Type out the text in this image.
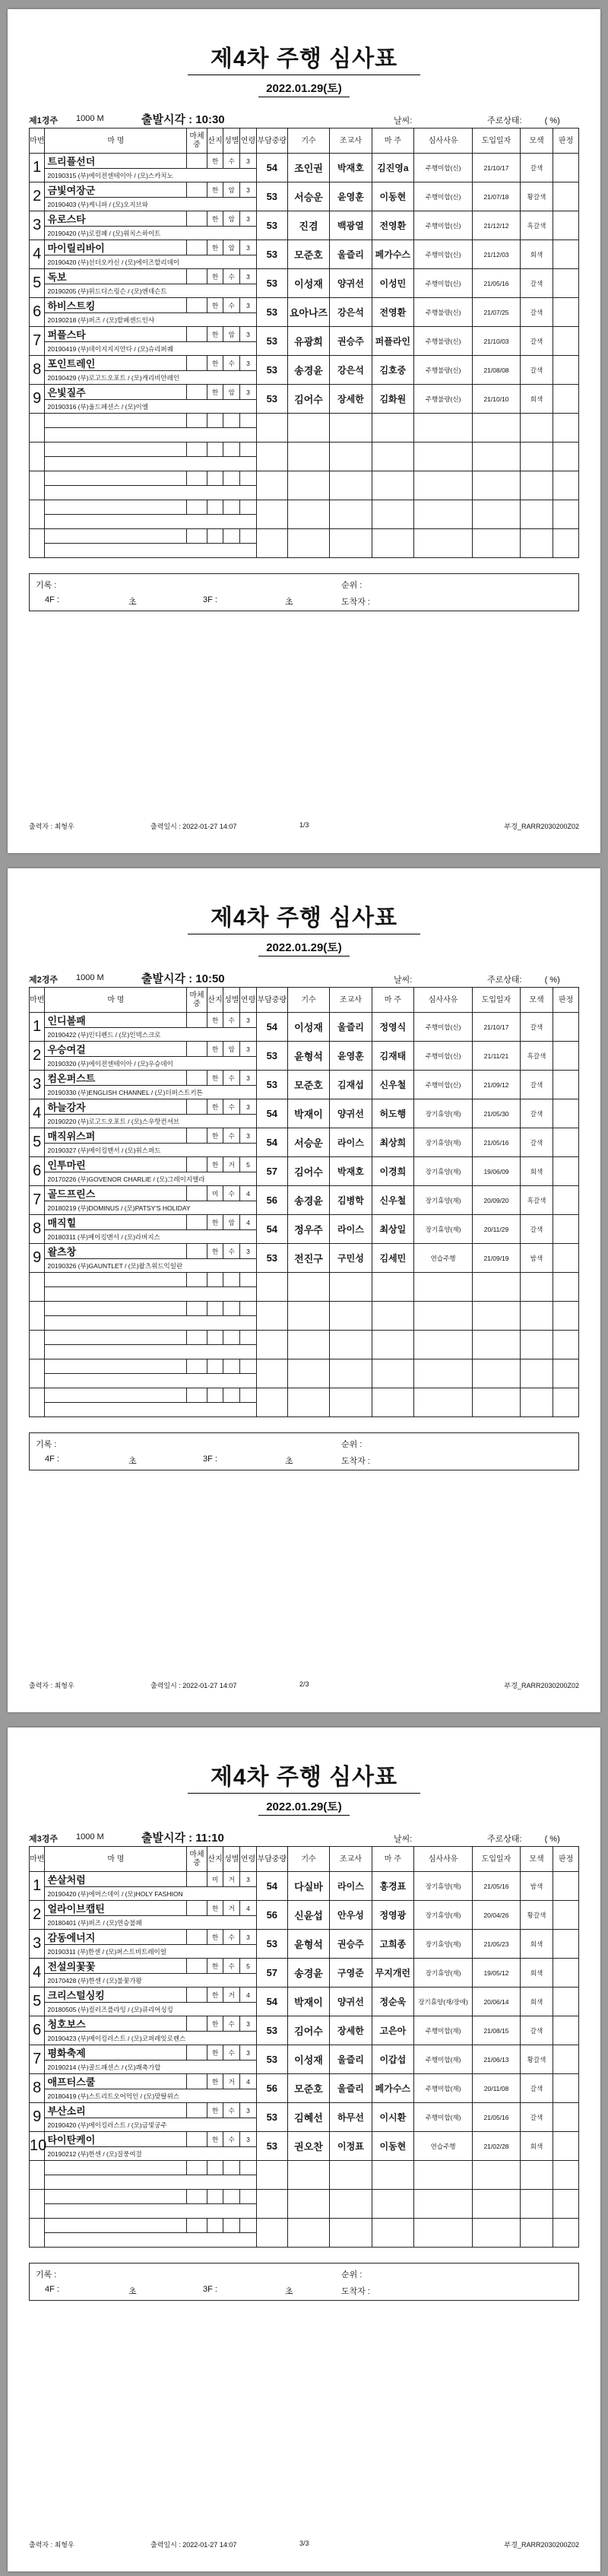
제4차 주행 심사표
2022.01.29(토)
제1경주 1000 M	출발시각 : 10:30	날씨:	주로상태:	( %)
마번	마 명	마체중	산지	성별	연령	부담중량	기수	조교사	마 주	심사사유	도입일자	모색	판정
1	트리플선더		한	수	3	54	조인권	박재호	김진영a	주행미합(신)	21/10/17	갈색	
	20190315 (부)에이전센테이아 / (모)스카치노												
2	금빛여장군		한	암	3	53	서승운	윤영훈	이동현	주행미합(신)	21/07/18	황갈색	
	20190403 (부)케니파 / (모)오지브와												
3	유로스타		한	암	3	53	진겸	백광열	전영환	주행미합(신)	21/12/12	흑갈색	
	20190420 (부)로컬폐 / (모)위치스하이트												
4	마이릴리바이		한	암	3	53	모준호	울즐리	페가수스	주행미합(신)	21/12/03	회색	
	20190420 (부)선더오카신 / (모)에이즈할리데이												
5	독보		한	수	3	53	이성재	양귀선	이성민	주행미합(신)	21/05/16	갈색	
	20190205 (부)위드디스링슨 / (모)엔데슨트												
6	하비스트킹		한	수	3	53	요아나즈	강은석	전영환	주행불량(신)	21/07/25	갈색	
	20190218 (부)퍼즈 / (모)할페센드인샤												
7	퍼플스타		한	암	3	53	유광희	권승주	퍼플라인	주행불량(신)	21/10/03	갈색	
	20190419 (부)데이지지지안다 / (모)슈리퍼퀘												
8	포인트레인		한	수	3	53	송경윤	강은석	김호중	주행불량(신)	21/08/08	갈색	
	20190429 (부)로고드오포트 / (모)캐리비안레인												
9	은빛질주		한	암	3	53	김어수	장세한	김화원	주행불량(신)	21/10/10	회색	
	20190316 (부)울드패션스 / (모)이엘												

기록 :	순위 :
4F :	초	3F :	초	도착자 :
출력자 : 최형우	출력일시 : 2022-01-27 14:07	1/3	부경_RARR2030200Z02
제4차 주행 심사표
2022.01.29(토)
제2경주 1000 M	출발시각 : 10:50	날씨:	주로상태:	( %)
마번	마 명	마체중	산지	성별	연령	부담중량	기수	조교사	마 주	심사사유	도입일자	모색	판정
1	인디볼패		한	수	3	54	이성재	울즐리	정영식	주행미합(신)	21/10/17	갈색	
	20190422 (부)인디펜드 / (모)인덱스크로												
2	우승여걸		한	암	3	53	윤형석	윤영훈	김재태	주행미합(신)	21/11/21	흑갈색	
	20190320 (부)에이전센테이아 / (모)우승데이												
3	컴온퍼스트		한	수	3	53	모준호	김재섭	신우철	주행미합(신)	21/09/12	갈색	
	20190330 (부)ENGLISH CHANNEL / (모)더퍼스트키튼												
4	하늘강자		한	수	3	54	박재이	양귀선	허도행	장기휴양(재)	21/05/30	갈색	
	20190220 (부)로고드오포트 / (모)스우핫컨셔브												
5	매직위스퍼		한	수	3	54	서승운	라이스	최상희	장기휴양(재)	21/05/16	갈색	
	20190327 (부)메이킹맨서 / (모)위스퍼드												
6	인투마린		한	거	5	57	김어수	박재호	이경희	장기휴양(재)	19/06/09	회색	
	20170226 (부)GOVENOR CHARLIE / (모)그레이지앨라												
7	골드프린스		미	수	4	56	송경윤	김병학	신우철	장기휴양(재)	20/09/20	흑갈색	
	20180219 (부)DOMINUS / (모)PATSY'S HOLIDAY												
8	매직힐		한	암	4	54	정우주	라이스	최상일	장기휴양(재)	20/11/29	갈색	
	20180311 (부)메이킹맨서 / (모)라버지스												
9	왈츠창		한	수	3	53	전진구	구민성	김세민	연습주행	21/09/19	밤색	
	20190326 (부)GAUNTLET / (모)왈츠위드익일란												

기록 :	순위 :
4F :	초	3F :	초	도착자 :
출력자 : 최형우	출력일시 : 2022-01-27 14:07	2/3	부경_RARR2030200Z02
제4차 주행 심사표
2022.01.29(토)
제3경주 1000 M	출발시각 : 11:10	날씨:	주로상태:	( %)
마번	마 명	마체중	산지	성별	연령	부담중량	기수	조교사	마 주	심사사유	도입일자	모색	판정
1	쏜살처럼		미	거	3	54	다실바	라이스	홍경표	장기휴양(재)	21/05/16	밤색	
	20190420 (부)에머스데이 / (모)HOLY FASHION												
2	얼라이브캡틴		한	거	4	56	신윤섭	안우성	정영광	장기휴양(재)	20/04/26	황갈색	
	20180401 (부)퍼즈 / (모)연승불패												
3	감동에너지		한	수	3	53	윤형석	권승주	고희종	장기휴양(재)	21/05/23	회색	
	20190311 (부)한센 / (모)퍼스트비트레이얼												
4	전설의꽃꽃		한	수	5	57	송경윤	구영준	무지개런	장기휴양(재)	19/05/12	회색	
	20170428 (부)한센 / (모)불꽃가왕												
5	크리스털싱킹		한	거	4	54	박재이	양귀선	정순욱	장기휴양(재/장애)	20/06/14	회색	
	20180505 (부)컬러즈플라잉 / (모)큐리어싱킹												
6	청호보스		한	수	3	53	김어수	장세한	고은아	주행미합(재)	21/08/15	갈색	
	20190423 (부)메이킹러스트 / (모)코퍼레잇로렌스												
7	평화축제		한	수	3	53	이성재	울즐리	이갑섭	주행미합(재)	21/06/13	황갈색	
	20190214 (부)골드패션스 / (모)쾌축가합												
8	애프터스쿨		한	거	4	56	모준호	울즐리	페가수스	주행미합(재)	20/11/08	갈색	
	20180419 (부)스트리트오어먹인 / (모)맞딸위스												
9	부산소리		한	수	3	53	김혜선	하무선	이시환	주행미합(재)	21/05/16	갈색	
	20190420 (부)메이킹러스트 / (모)금빛궁주												
10	타이탄케이		한	수	3	53	권오찬	이정표	이동현	연습주행	21/02/28	회색	
	20190212 (부)한센 / (모)질풍여걸												

기록 :	순위 :
4F :	초	3F :	초	도착자 :
출력자 : 최형우	출력일시 : 2022-01-27 14:07	3/3	부경_RARR2030200Z02
